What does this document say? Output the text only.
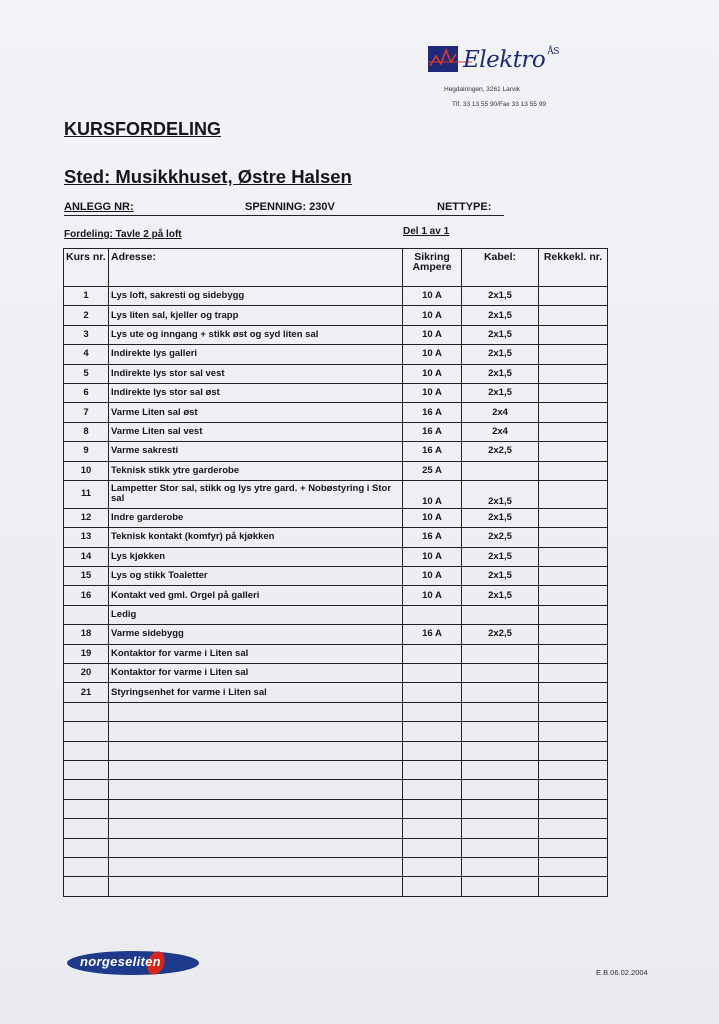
Elektro $^{ÅS}$
Hegdalringen, 3261 Larvik
Tlf. 33 13 55 90/Fax 33 13 55 99
KURSFORDELING
Sted: Musikkhuset, Østre Halsen
ANLEGG NR:	SPENNING: 230V	NETTYPE:
Fordeling: Tavle 2 på loft	Del 1 av 1
Kurs nr.	Adresse:	Sikring Ampere	Kabel:	Rekkekl. nr.
1	Lys loft, sakresti og sidebygg	10 A	2x1,5	
2	Lys liten sal, kjeller og trapp	10 A	2x1,5	
3	Lys ute og inngang + stikk øst og syd liten sal	10 A	2x1,5	
4	Indirekte lys galleri	10 A	2x1,5	
5	Indirekte lys stor sal vest	10 A	2x1,5	
6	Indirekte lys stor sal øst	10 A	2x1,5	
7	Varme Liten sal øst	16 A	2x4	
8	Varme Liten sal vest	16 A	2x4	
9	Varme sakresti	16 A	2x2,5	
10	Teknisk stikk ytre garderobe	25 A		
11	Lampetter Stor sal, stikk og lys ytre gard. + Nobøstyring i Stor sal	10 A	2x1,5	
12	Indre garderobe	10 A	2x1,5	
13	Teknisk kontakt (komfyr) på kjøkken	16 A	2x2,5	
14	Lys kjøkken	10 A	2x1,5	
15	Lys og stikk Toaletter	10 A	2x1,5	
16	Kontakt ved gml. Orgel på galleri	10 A	2x1,5	
	Ledig			
18	Varme sidebygg	16 A	2x2,5	
19	Kontaktor for varme i Liten sal			
20	Kontaktor for varme i Liten sal			
21	Styringsenhet for varme i Liten sal			

norgeseliten
E.B.06.02.2004
